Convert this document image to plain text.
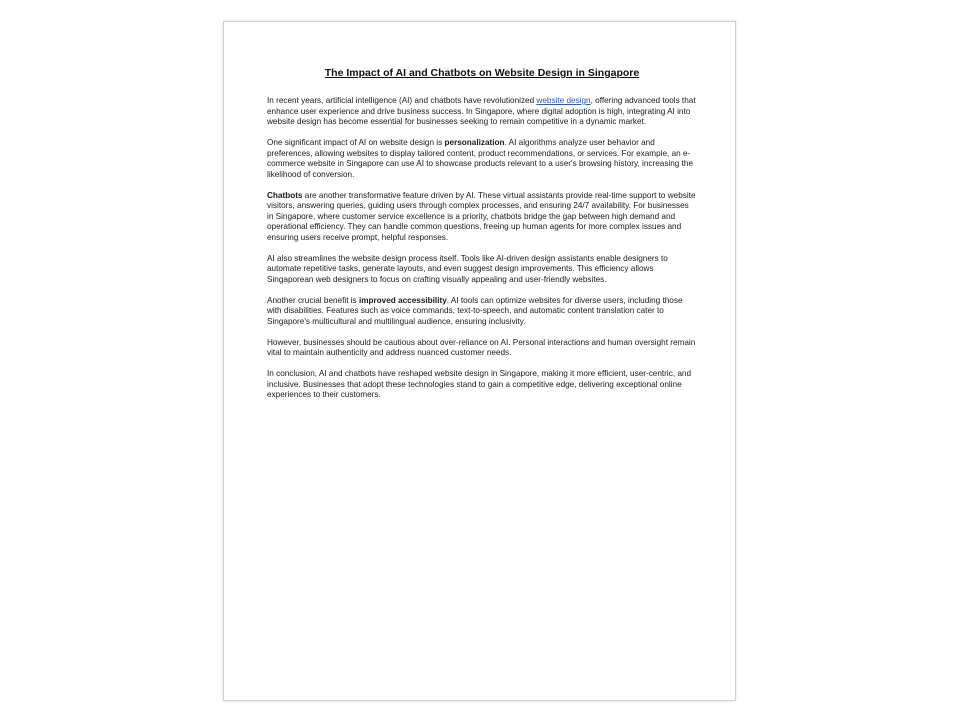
The Impact of AI and Chatbots on Website Design in Singapore

In recent years, artificial intelligence (AI) and chatbots have revolutionized website design, offering advanced tools that enhance user experience and drive business success. In Singapore, where digital adoption is high, integrating AI into website design has become essential for businesses seeking to remain competitive in a dynamic market.

One significant impact of AI on website design is personalization. AI algorithms analyze user behavior and preferences, allowing websites to display tailored content, product recommendations, or services. For example, an e-commerce website in Singapore can use AI to showcase products relevant to a user's browsing history, increasing the likelihood of conversion.

Chatbots are another transformative feature driven by AI. These virtual assistants provide real-time support to website visitors, answering queries, guiding users through complex processes, and ensuring 24/7 availability. For businesses in Singapore, where customer service excellence is a priority, chatbots bridge the gap between high demand and operational efficiency. They can handle common questions, freeing up human agents for more complex issues and ensuring users receive prompt, helpful responses.

AI also streamlines the website design process itself. Tools like AI-driven design assistants enable designers to automate repetitive tasks, generate layouts, and even suggest design improvements. This efficiency allows Singaporean web designers to focus on crafting visually appealing and user-friendly websites.

Another crucial benefit is improved accessibility. AI tools can optimize websites for diverse users, including those with disabilities. Features such as voice commands, text-to-speech, and automatic content translation cater to Singapore's multicultural and multilingual audience, ensuring inclusivity.

However, businesses should be cautious about over-reliance on AI. Personal interactions and human oversight remain vital to maintain authenticity and address nuanced customer needs.

In conclusion, AI and chatbots have reshaped website design in Singapore, making it more efficient, user-centric, and inclusive. Businesses that adopt these technologies stand to gain a competitive edge, delivering exceptional online experiences to their customers.
